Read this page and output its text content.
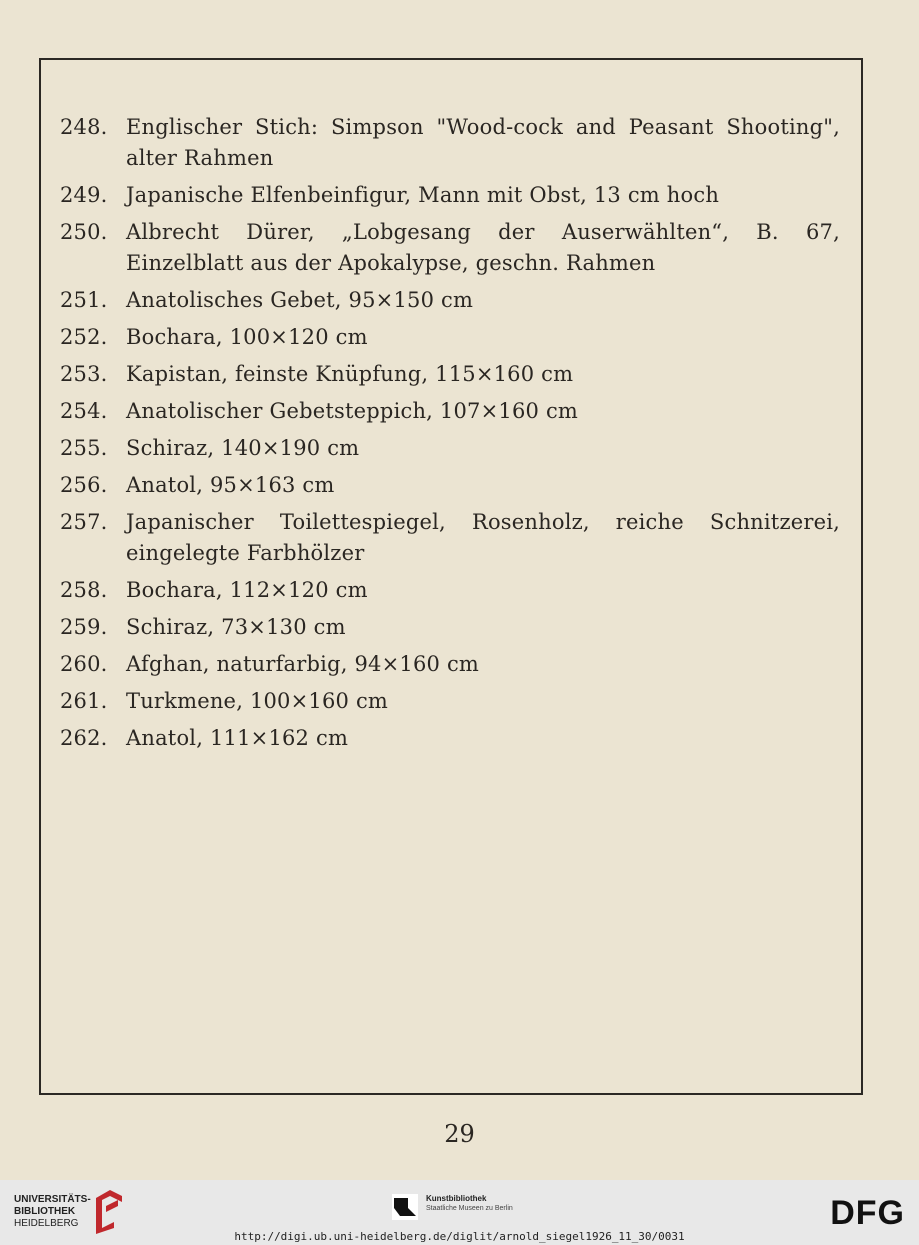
248. Englischer Stich: Simpson "Wood-cock and Peasant Shooting", alter Rahmen
249. Japanische Elfenbeinfigur, Mann mit Obst, 13 cm hoch
250. Albrecht Dürer, „Lobgesang der Auserwählten“, B. 67, Einzelblatt aus der Apokalypse, geschn. Rahmen
251. Anatolisches Gebet, 95×150 cm
252. Bochara, 100×120 cm
253. Kapistan, feinste Knüpfung, 115×160 cm
254. Anatolischer Gebetsteppich, 107×160 cm
255. Schiraz, 140×190 cm
256. Anatol, 95×163 cm
257. Japanischer Toilettespiegel, Rosenholz, reiche Schnitzerei, eingelegte Farbhölzer
258. Bochara, 112×120 cm
259. Schiraz, 73×130 cm
260. Afghan, naturfarbig, 94×160 cm
261. Turkmene, 100×160 cm
262. Anatol, 111×162 cm
29
UNIVERSITÄTS-
BIBLIOTHEK
HEIDELBERG
Kunstbibliothek
Staatliche Museen zu Berlin	DFG
http://digi.ub.uni-heidelberg.de/diglit/arnold_siegel1926_11_30/0031
